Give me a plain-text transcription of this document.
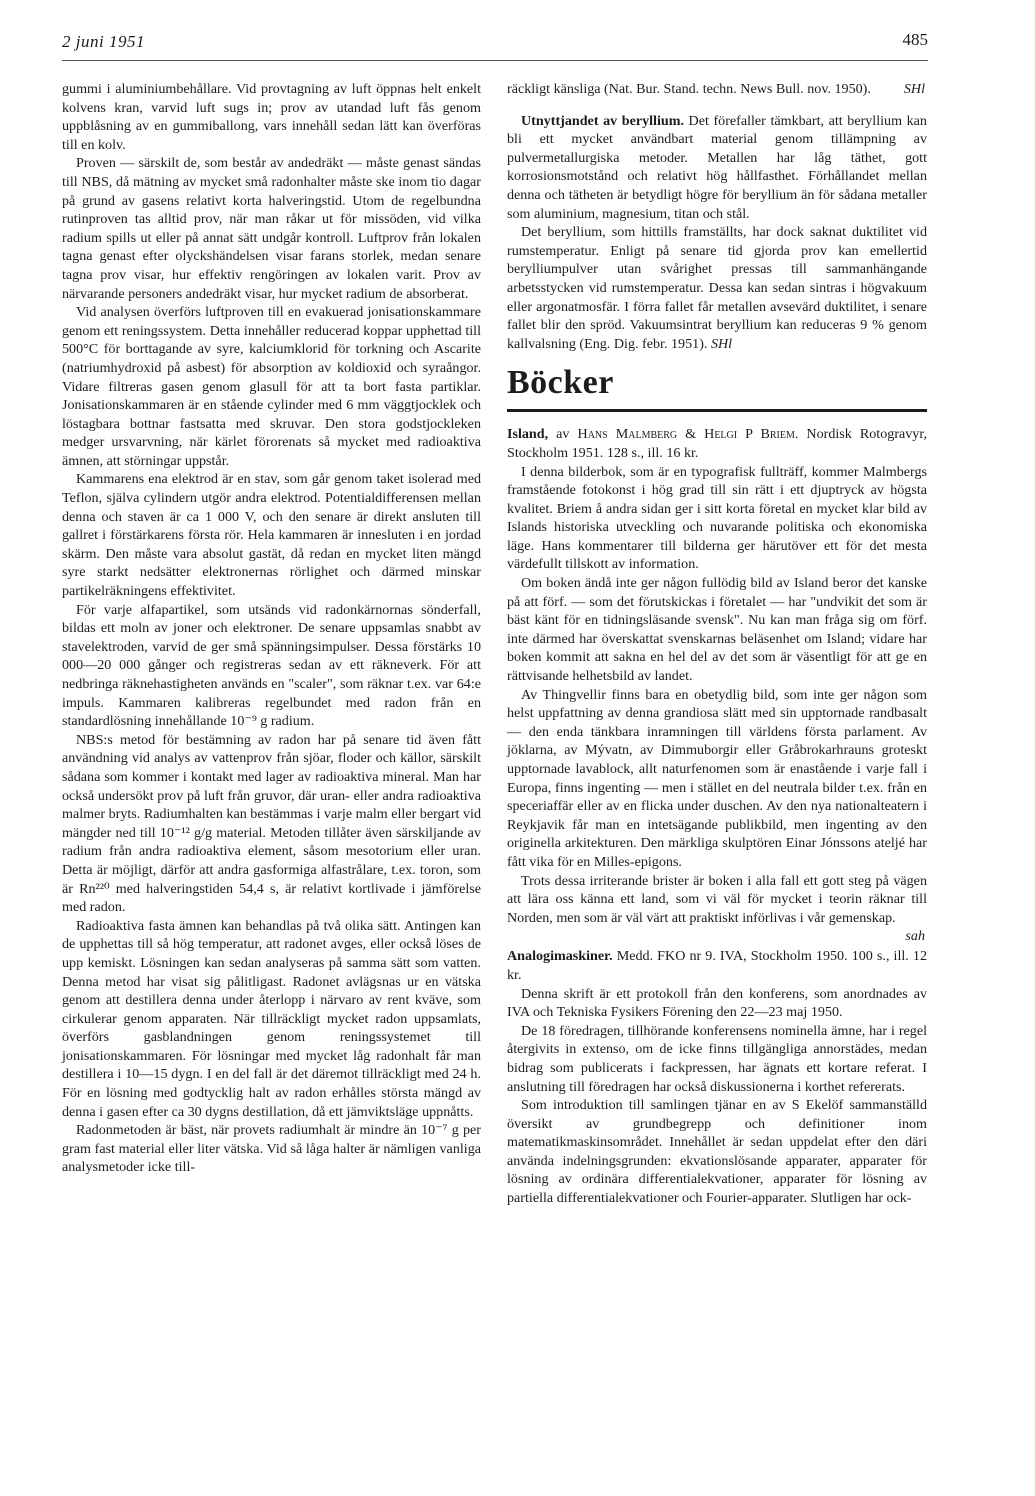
2 juni 1951	485

gummi i aluminiumbehållare. Vid provtagning av luft öppnas helt enkelt kolvens kran, varvid luft sugs in; prov av utandad luft fås genom uppblåsning av en gummiballong, vars innehåll sedan lätt kan överföras till en kolv.

Proven — särskilt de, som består av andedräkt — måste genast sändas till NBS, då mätning av mycket små radonhalter måste ske inom tio dagar på grund av gasens relativt korta halveringstid. Utom de regelbundna rutinproven tas alltid prov, när man råkar ut för missöden, vid vilka radium spills ut eller på annat sätt undgår kontroll. Luftprov från lokalen tagna genast efter olyckshändelsen visar farans storlek, medan senare tagna prov visar, hur effektiv rengöringen av lokalen varit. Prov av närvarande personers andedräkt visar, hur mycket radium de absorberat.

Vid analysen överförs luftproven till en evakuerad jonisationskammare genom ett reningssystem. Detta innehåller reducerad koppar upphettad till 500°C för borttagande av syre, kalciumklorid för torkning och Ascarite (natriumhydroxid på asbest) för absorption av koldioxid och syraångor. Vidare filtreras gasen genom glasull för att ta bort fasta partiklar. Jonisationskammaren är en stående cylinder med 6 mm väggtjocklek och löstagbara bottnar fastsatta med skruvar. Den stora godstjockleken medger ursvarvning, när kärlet förorenats så mycket med radioaktiva ämnen, att störningar uppstår.

Kammarens ena elektrod är en stav, som går genom taket isolerad med Teflon, själva cylindern utgör andra elektrod. Potentialdifferensen mellan denna och staven är ca 1 000 V, och den senare är direkt ansluten till gallret i förstärkarens första rör. Hela kammaren är innesluten i en jordad skärm. Den måste vara absolut gastät, då redan en mycket liten mängd syre starkt nedsätter elektronernas rörlighet och därmed minskar partikelräkningens effektivitet.

För varje alfapartikel, som utsänds vid radonkärnornas sönderfall, bildas ett moln av joner och elektroner. De senare uppsamlas snabbt av stavelektroden, varvid de ger små spänningsimpulser. Dessa förstärks 10 000—20 000 gånger och registreras sedan av ett räkneverk. För att nedbringa räknehastigheten används en "scaler", som räknar t.ex. var 64:e impuls. Kammaren kalibreras regelbundet med radon från en standardlösning innehållande 10⁻⁹ g radium.

NBS:s metod för bestämning av radon har på senare tid även fått användning vid analys av vattenprov från sjöar, floder och källor, särskilt sådana som kommer i kontakt med lager av radioaktiva mineral. Man har också undersökt prov på luft från gruvor, där uran- eller andra radioaktiva malmer bryts. Radiumhalten kan bestämmas i varje malm eller bergart vid mängder ned till 10⁻¹² g/g material. Metoden tillåter även särskiljande av radium från andra radioaktiva element, såsom mesotorium eller uran. Detta är möjligt, därför att andra gasformiga alfastrålare, t.ex. toron, som är Rn²²⁰ med halveringstiden 54,4 s, är relativt kortlivade i jämförelse med radon.

Radioaktiva fasta ämnen kan behandlas på två olika sätt. Antingen kan de upphettas till så hög temperatur, att radonet avges, eller också löses de upp kemiskt. Lösningen kan sedan analyseras på samma sätt som vatten. Denna metod har visat sig pålitligast. Radonet avlägsnas ur en vätska genom att destillera denna under återlopp i närvaro av rent kväve, som cirkulerar genom apparaten. När tillräckligt mycket radon uppsamlats, överförs gasblandningen genom reningssystemet till jonisationskammaren. För lösningar med mycket låg radonhalt får man destillera i 10—15 dygn. I en del fall är det däremot tillräckligt med 24 h. För en lösning med godtycklig halt av radon erhålles största mängd av denna i gasen efter ca 30 dygns destillation, då ett jämviktsläge uppnåtts.

Radonmetoden är bäst, när provets radiumhalt är mindre än 10⁻⁷ g per gram fast material eller liter vätska. Vid så låga halter är nämligen vanliga analysmetoder icke till-

räckligt känsliga (Nat. Bur. Stand. techn. News Bull. nov. 1950). SHl

Utnyttjandet av beryllium. Det förefaller tämkbart, att beryllium kan bli ett mycket användbart material genom tillämpning av pulvermetallurgiska metoder. Metallen har låg täthet, gott korrosionsmotstånd och relativt hög hållfasthet. Förhållandet mellan denna och tätheten är betydligt högre för beryllium än för sådana metaller som aluminium, magnesium, titan och stål.

Det beryllium, som hittills framställts, har dock saknat duktilitet vid rumstemperatur. Enligt på senare tid gjorda prov kan emellertid berylliumpulver utan svårighet pressas till sammanhängande arbetsstycken vid rumstemperatur. Dessa kan sedan sintras i högvakuum eller argonatmosfär. I förra fallet får metallen avsevärd duktilitet, i senare fallet blir den spröd. Vakuumsintrat beryllium kan reduceras 9 % genom kallvalsning (Eng. Dig. febr. 1951). SHl

Böcker

Island, av Hans Malmberg & Helgi P Briem. Nordisk Rotogravyr, Stockholm 1951. 128 s., ill. 16 kr.

I denna bilderbok, som är en typografisk fullträff, kommer Malmbergs framstående fotokonst i hög grad till sin rätt i ett djuptryck av högsta kvalitet. Briem å andra sidan ger i sitt korta företal en mycket klar bild av Islands historiska utveckling och nuvarande politiska och ekonomiska läge. Hans kommentarer till bilderna ger härutöver ett för det mesta värdefullt tillskott av information.

Om boken ändå inte ger någon fullödig bild av Island beror det kanske på att förf. — som det förutskickas i företalet — har "undvikit det som är bäst känt för en tidningsläsande svensk". Nu kan man fråga sig om förf. inte därmed har överskattat svenskarnas beläsenhet om Island; vidare har boken kommit att sakna en hel del av det som är väsentligt för att ge en rättvisande helhetsbild av landet.

Av Thingvellir finns bara en obetydlig bild, som inte ger någon som helst uppfattning av denna grandiosa slätt med sin upptornade randbasalt — den enda tänkbara inramningen till världens första parlament. Av jöklarna, av Mývatn, av Dimmuborgir eller Gråbrokarhrauns groteskt upptornade lavablock, allt naturfenomen som är enastående i varje fall i Europa, finns ingenting — men i stället en del neutrala bilder t.ex. från en speceriaffär eller av en flicka under duschen. Av den nya nationalteatern i Reykjavik får man en intetsägande publikbild, men ingenting av den originella arkitekturen. Den märkliga skulptören Einar Jónssons ateljé har fått vika för en Milles-epigons.

Trots dessa irriterande brister är boken i alla fall ett gott steg på vägen att lära oss känna ett land, som vi väl för mycket i teorin räknar till Norden, men som är väl värt att praktiskt införlivas i vår gemenskap.
sah

Analogimaskiner. Medd. FKO nr 9. IVA, Stockholm 1950. 100 s., ill. 12 kr.

Denna skrift är ett protokoll från den konferens, som anordnades av IVA och Tekniska Fysikers Förening den 22—23 maj 1950.

De 18 föredragen, tillhörande konferensens nominella ämne, har i regel återgivits in extenso, om de icke finns tillgängliga annorstädes, medan bidrag som publicerats i fackpressen, har ägnats ett kortare referat. I anslutning till föredragen har också diskussionerna i korthet refererats.

Som introduktion till samlingen tjänar en av S Ekelöf sammanställd översikt av grundbegrepp och definitioner inom matematikmaskinsområdet. Innehållet är sedan uppdelat efter den däri använda indelningsgrunden: ekvationslösande apparater, apparater för lösning av ordinära differentialekvationer, apparater för lösning av partiella differentialekvationer och Fourier-apparater. Slutligen har ock-
